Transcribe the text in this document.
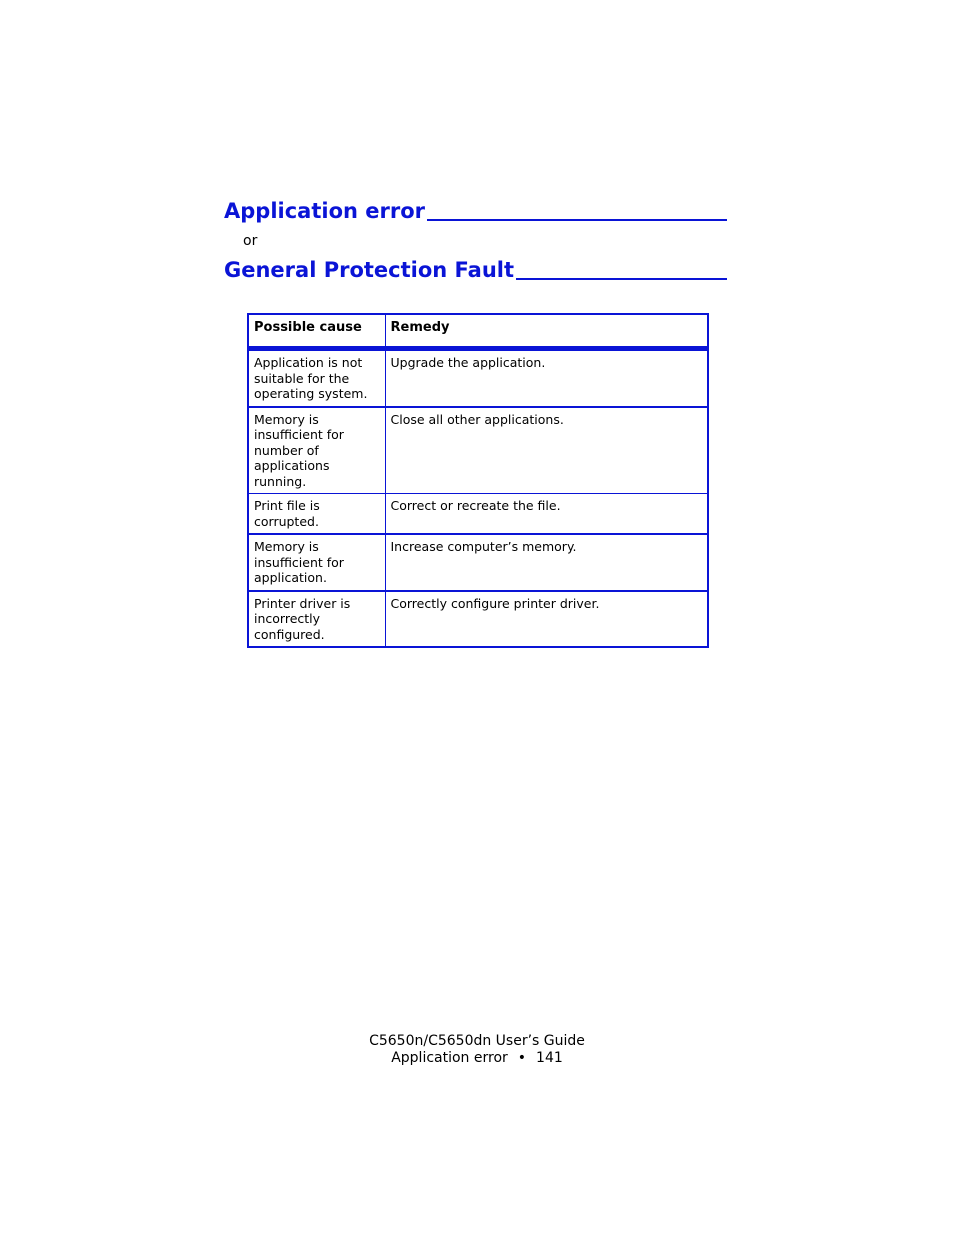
Application error
or
General Protection Fault
Possible cause	Remedy
Application is not suitable for the operating system.	Upgrade the application.
Memory is insufficient for number of applications running.	Close all other applications.
Print file is corrupted.	Correct or recreate the file.
Memory is insufficient for application.	Increase computer’s memory.
Printer driver is incorrectly configured.	Correctly configure printer driver.
C5650n/C5650dn User’s Guide
Application error • 141
